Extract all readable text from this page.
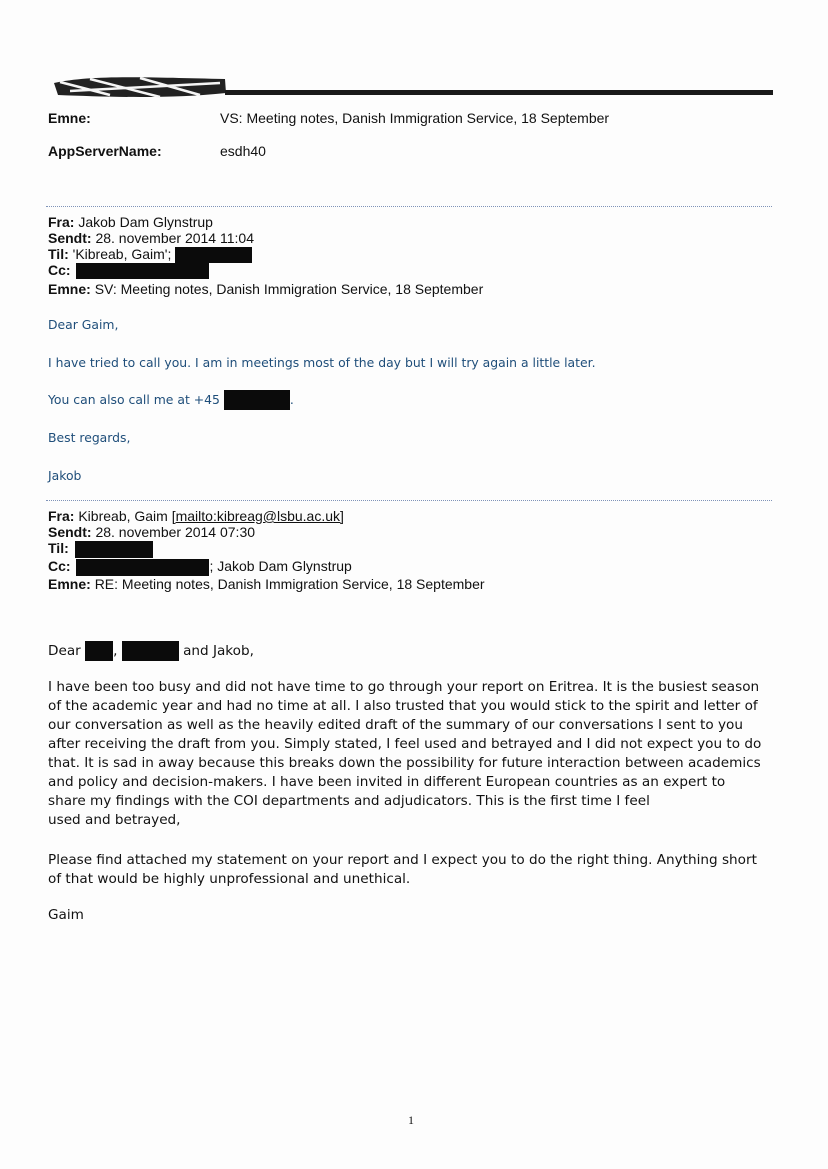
Emne:	VS: Meeting notes, Danish Immigration Service, 18 September
AppServerName:	esdh40
Fra: Jakob Dam Glynstrup
Sendt: 28. november 2014 11:04
Til: 'Kibreab, Gaim';
Cc:
Emne: SV: Meeting notes, Danish Immigration Service, 18 September
Dear Gaim,
I have tried to call you. I am in meetings most of the day but I will try again a little later.
You can also call me at +45	.
Best regards,
Jakob
Fra: Kibreab, Gaim [mailto:kibreag@lsbu.ac.uk]
Sendt: 28. november 2014 07:30
Til:
Cc:	; Jakob Dam Glynstrup
Emne: RE: Meeting notes, Danish Immigration Service, 18 September
Dear ,	and Jakob,
I have been too busy and did not have time to go through your report on Eritrea. It is the busiest season
of the academic year and had no time at all. I also trusted that you would stick to the spirit and letter of
our conversation as well as the heavily edited draft of the summary of our conversations I sent to you
after receiving the draft from you. Simply stated, I feel used and betrayed and I did not expect you to do
that. It is sad in away because this breaks down the possibility for future interaction between academics
and policy and decision-makers. I have been invited in different European countries as an expert to
share my findings with the COI departments and adjudicators. This is the first time I feel
used and betrayed,
Please find attached my statement on your report and I expect you to do the right thing. Anything short
of that would be highly unprofessional and unethical.
Gaim
1
